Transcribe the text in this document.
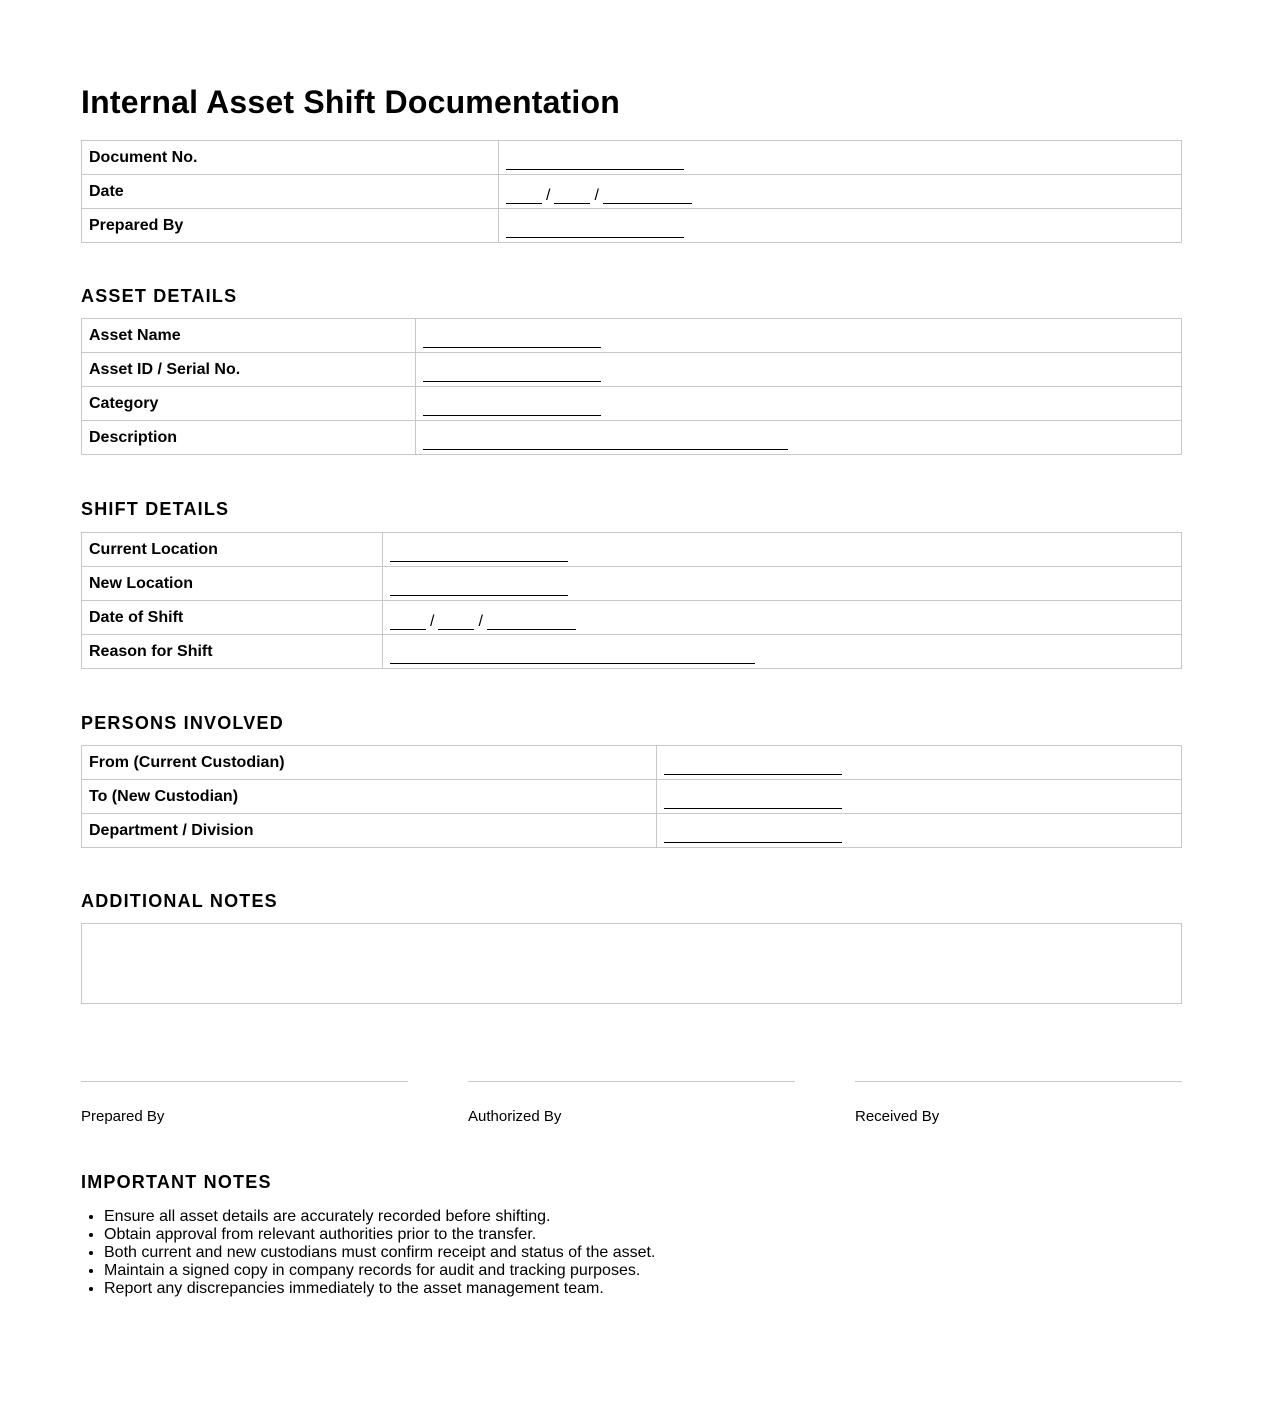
Internal Asset Shift Documentation
Document No.	
Date	/ /
Prepared By	
ASSET DETAILS
Asset Name	
Asset ID / Serial No.	
Category	
Description	
SHIFT DETAILS
Current Location	
New Location	
Date of Shift	/ /
Reason for Shift	
PERSONS INVOLVED
From (Current Custodian)	
To (New Custodian)	
Department / Division	
ADDITIONAL NOTES
Prepared By	Authorized By	Received By
IMPORTANT NOTES
• Ensure all asset details are accurately recorded before shifting.
• Obtain approval from relevant authorities prior to the transfer.
• Both current and new custodians must confirm receipt and status of the asset.
• Maintain a signed copy in company records for audit and tracking purposes.
• Report any discrepancies immediately to the asset management team.
